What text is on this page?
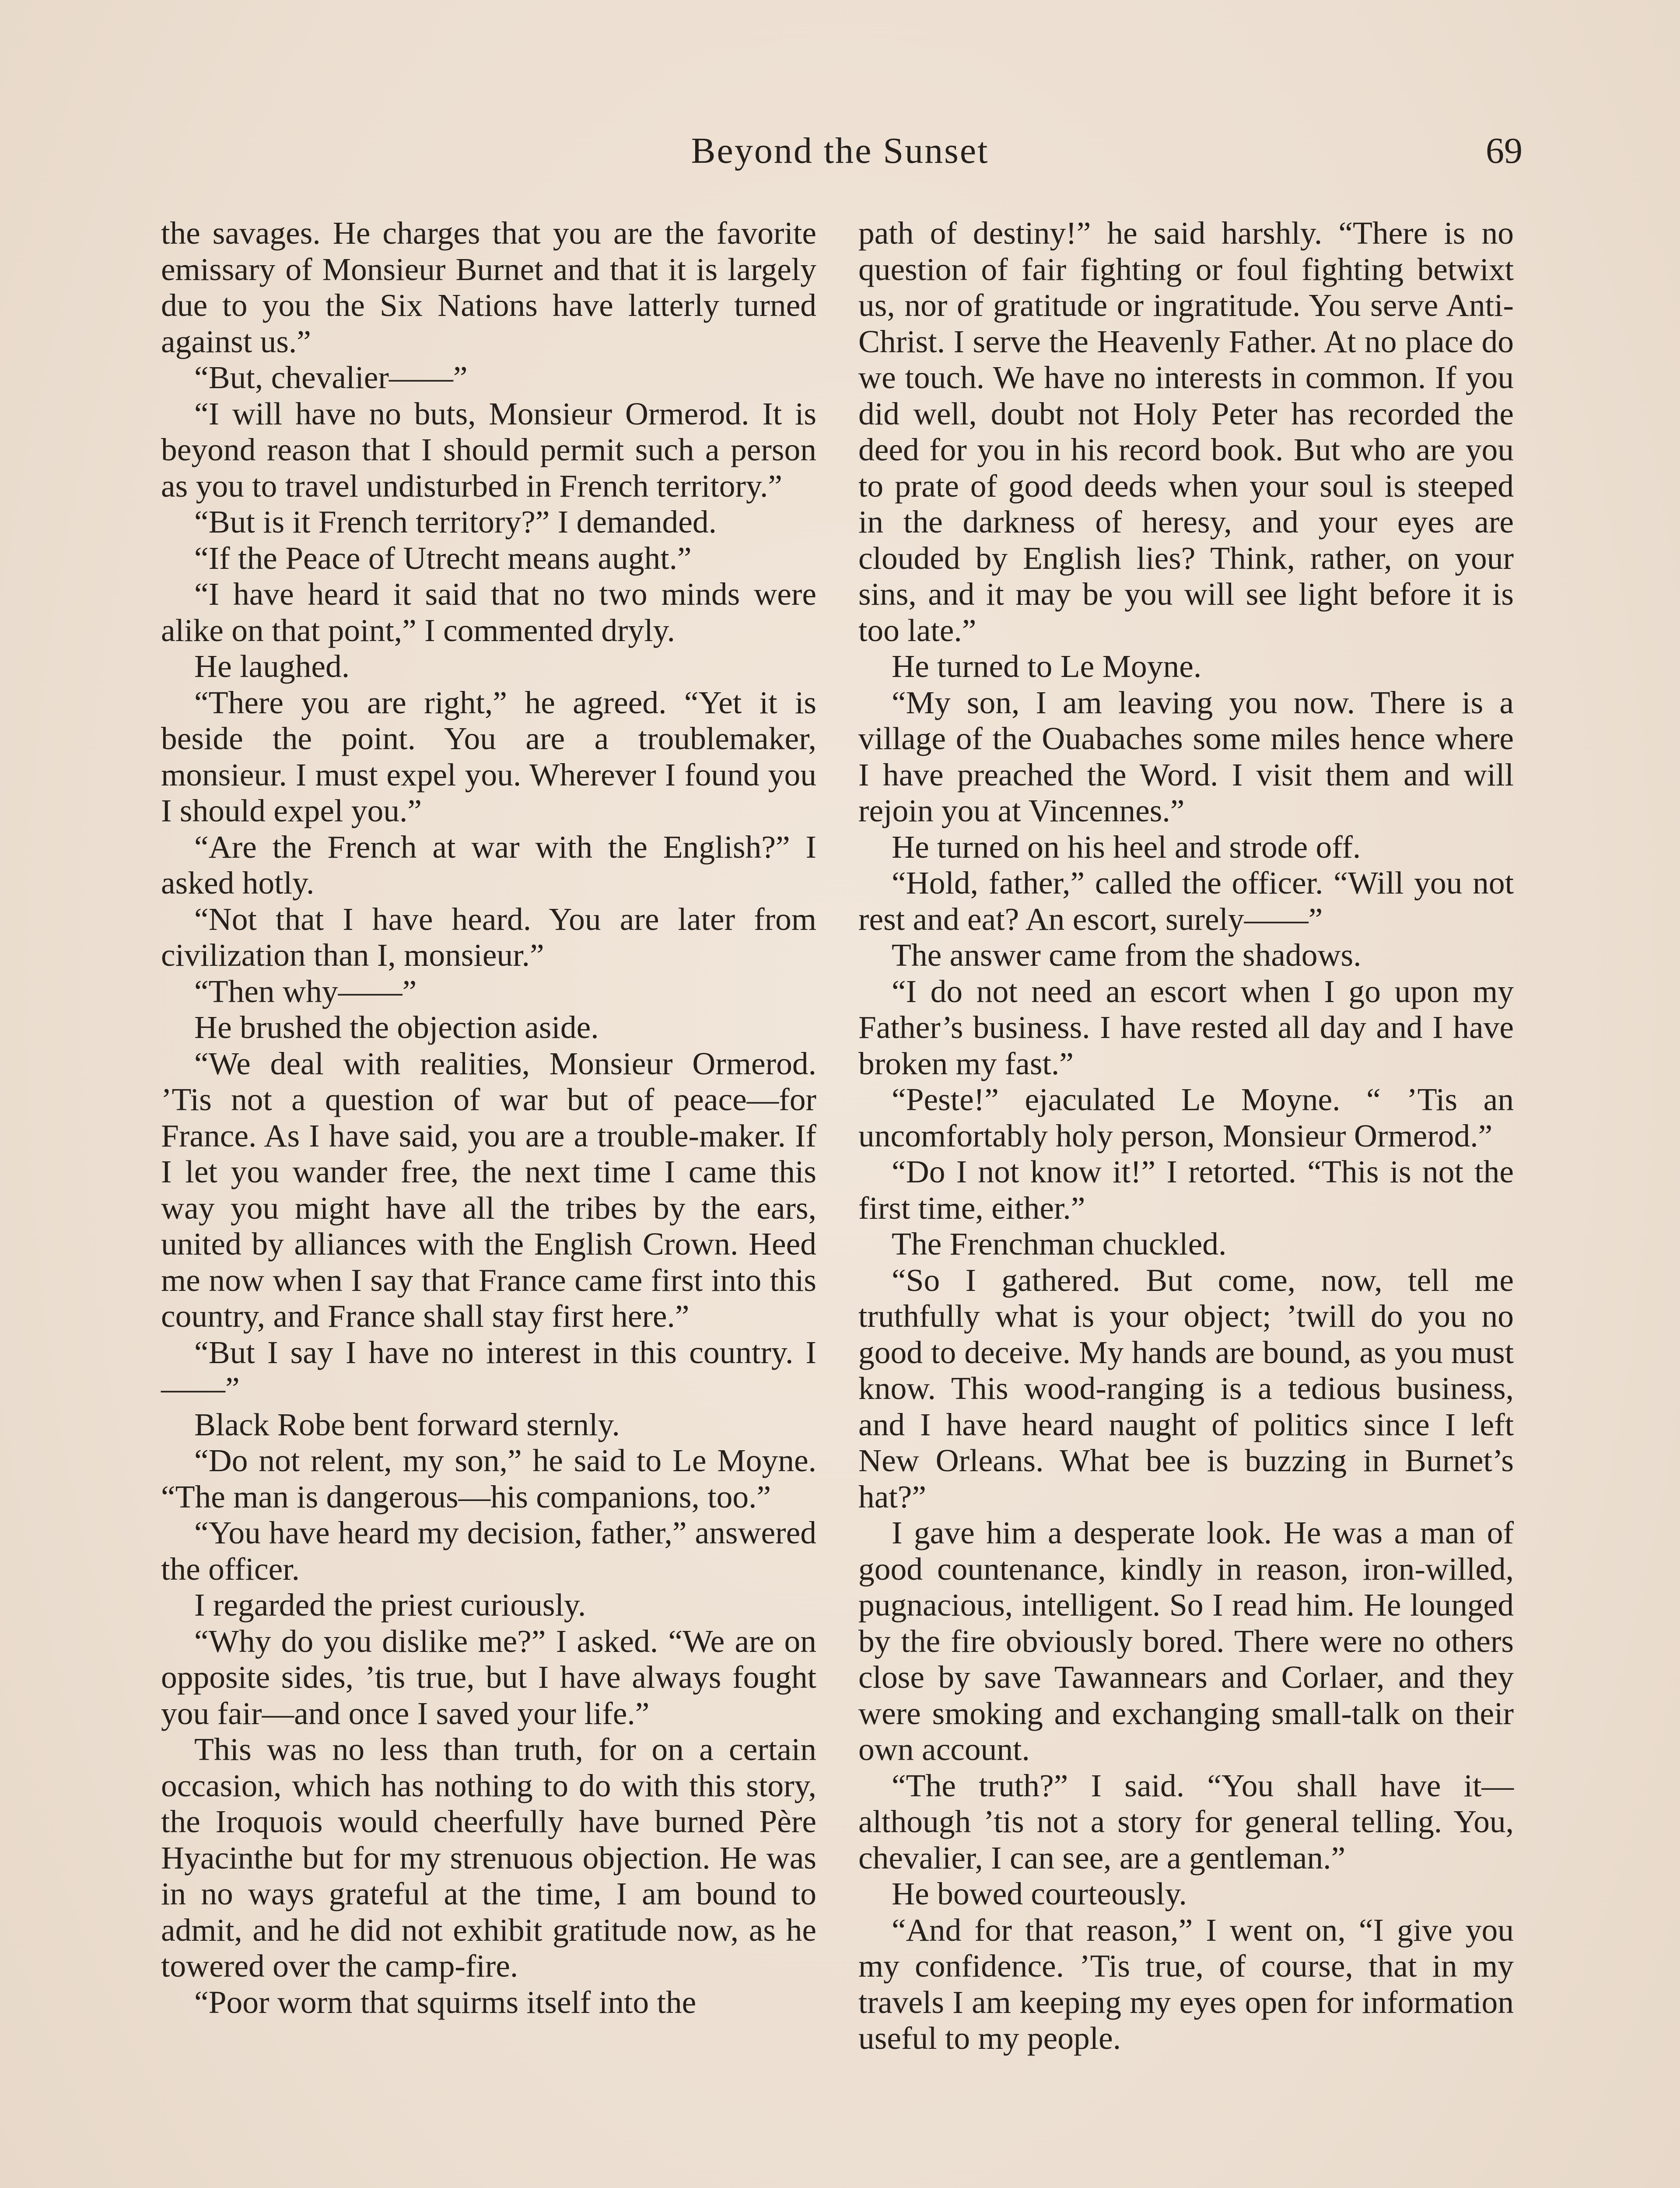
Beyond the Sunset	69

the savages. He charges that you are the favorite emissary of Monsieur Burnet and that it is largely due to you the Six Nations have latterly turned against us.”

“But, chevalier——”

“I will have no buts, Monsieur Ormerod. It is beyond reason that I should permit such a person as you to travel undisturbed in French territory.”

“But is it French territory?” I demanded.

“If the Peace of Utrecht means aught.”

“I have heard it said that no two minds were alike on that point,” I commented dryly.

He laughed.

“There you are right,” he agreed. “Yet it is beside the point. You are a troublemaker, monsieur. I must expel you. Wherever I found you I should expel you.”

“Are the French at war with the English?” I asked hotly.

“Not that I have heard. You are later from civilization than I, monsieur.”

“Then why——”

He brushed the objection aside.

“We deal with realities, Monsieur Ormerod. ’Tis not a question of war but of peace—for France. As I have said, you are a trouble-maker. If I let you wander free, the next time I came this way you might have all the tribes by the ears, united by alliances with the English Crown. Heed me now when I say that France came first into this country, and France shall stay first here.”

“But I say I have no interest in this country. I——”

Black Robe bent forward sternly.

“Do not relent, my son,” he said to Le Moyne. “The man is dangerous—his companions, too.”

“You have heard my decision, father,” answered the officer.

I regarded the priest curiously.

“Why do you dislike me?” I asked. “We are on opposite sides, ’tis true, but I have always fought you fair—and once I saved your life.”

This was no less than truth, for on a certain occasion, which has nothing to do with this story, the Iroquois would cheerfully have burned Père Hyacinthe but for my strenuous objection. He was in no ways grateful at the time, I am bound to admit, and he did not exhibit gratitude now, as he towered over the camp-fire.

“Poor worm that squirms itself into the

path of destiny!” he said harshly. “There is no question of fair fighting or foul fighting betwixt us, nor of gratitude or ingratitude. You serve Anti-Christ. I serve the Heavenly Father. At no place do we touch. We have no interests in common. If you did well, doubt not Holy Peter has recorded the deed for you in his record book. But who are you to prate of good deeds when your soul is steeped in the darkness of heresy, and your eyes are clouded by English lies? Think, rather, on your sins, and it may be you will see light before it is too late.”

He turned to Le Moyne.

“My son, I am leaving you now. There is a village of the Ouabaches some miles hence where I have preached the Word. I visit them and will rejoin you at Vincennes.”

He turned on his heel and strode off.

“Hold, father,” called the officer. “Will you not rest and eat? An escort, surely——”

The answer came from the shadows.

“I do not need an escort when I go upon my Father’s business. I have rested all day and I have broken my fast.”

“Peste!” ejaculated Le Moyne. “ ’Tis an uncomfortably holy person, Monsieur Ormerod.”

“Do I not know it!” I retorted. “This is not the first time, either.”

The Frenchman chuckled.

“So I gathered. But come, now, tell me truthfully what is your object; ’twill do you no good to deceive. My hands are bound, as you must know. This wood-ranging is a tedious business, and I have heard naught of politics since I left New Orleans. What bee is buzzing in Burnet’s hat?”

I gave him a desperate look. He was a man of good countenance, kindly in reason, iron-willed, pugnacious, intelligent. So I read him. He lounged by the fire obviously bored. There were no others close by save Tawannears and Corlaer, and they were smoking and exchanging small-talk on their own account.

“The truth?” I said. “You shall have it—although ’tis not a story for general telling. You, chevalier, I can see, are a gentleman.”

He bowed courteously.

“And for that reason,” I went on, “I give you my confidence. ’Tis true, of course, that in my travels I am keeping my eyes open for information useful to my people.
